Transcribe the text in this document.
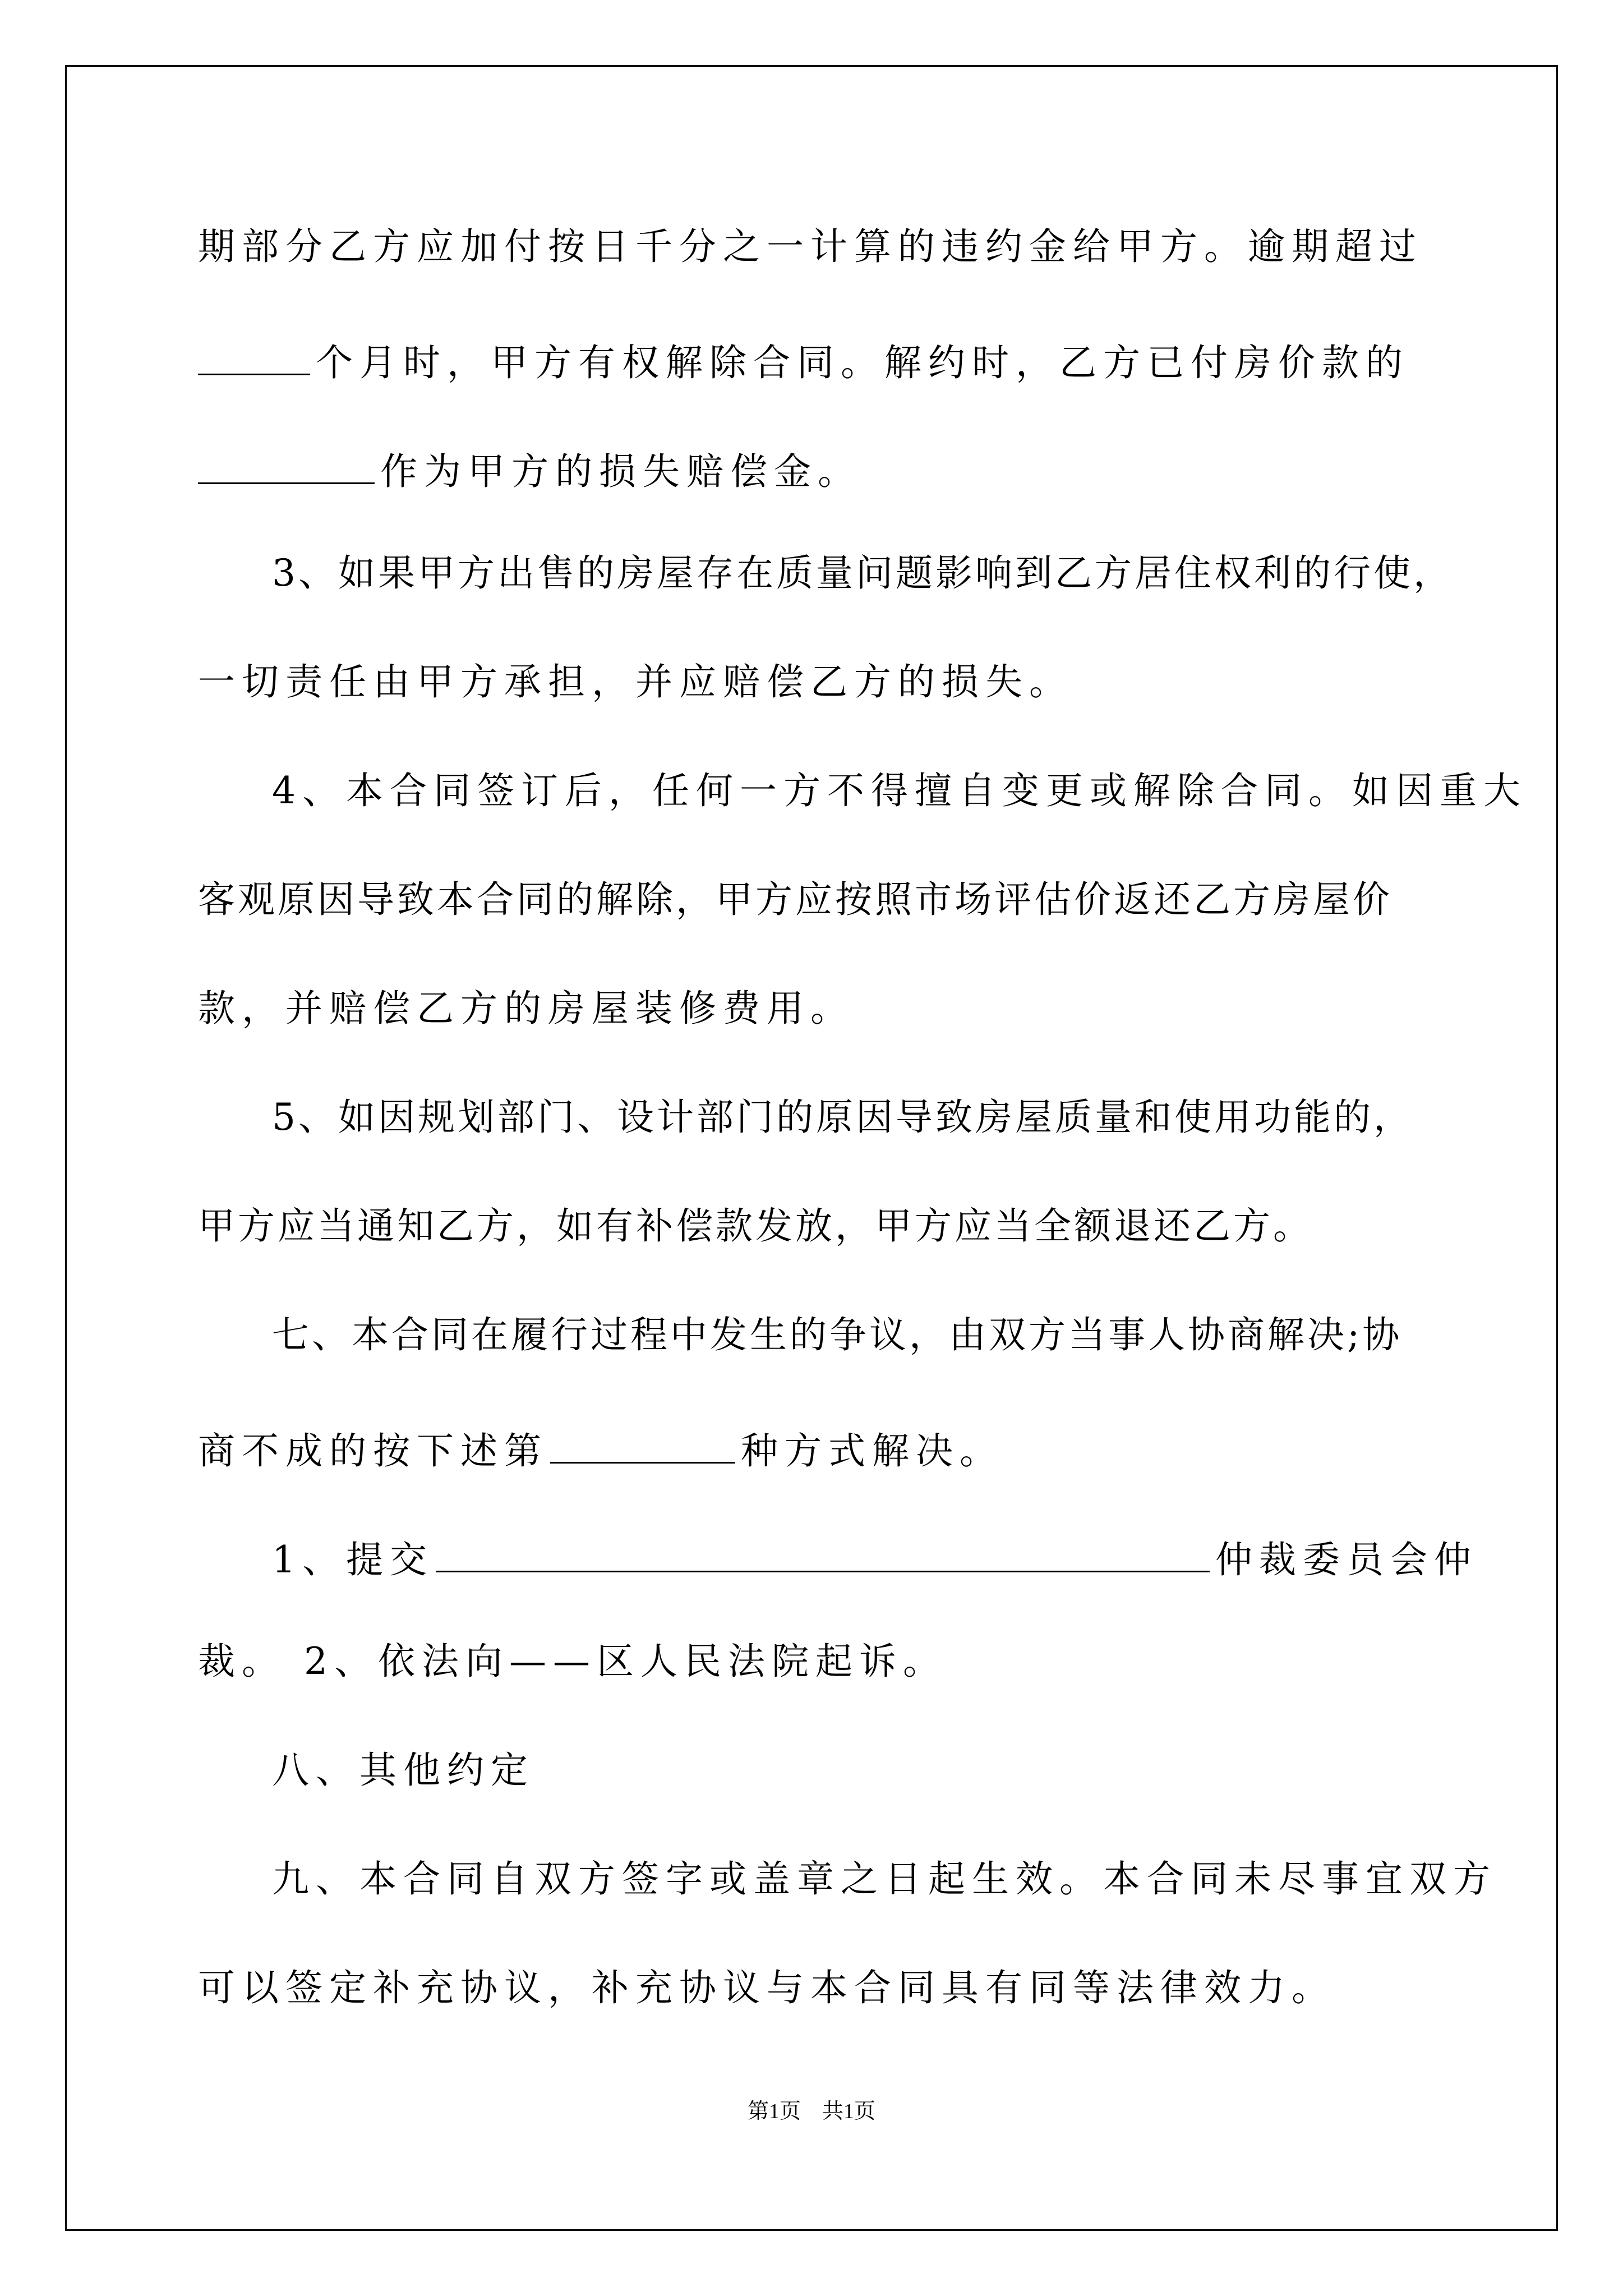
期部分乙方应加付按日千分之一计算的违约金给甲方。逾期超过
个月时，甲方有权解除合同。解约时，乙方已付房价款的
作为甲方的损失赔偿金。
3、如果甲方出售的房屋存在质量问题影响到乙方居住权利的行使，
一切责任由甲方承担，并应赔偿乙方的损失。
4、本合同签订后，任何一方不得擅自变更或解除合同。如因重大
客观原因导致本合同的解除，甲方应按照市场评估价返还乙方房屋价
款，并赔偿乙方的房屋装修费用。
5、如因规划部门、设计部门的原因导致房屋质量和使用功能的，
甲方应当通知乙方，如有补偿款发放，甲方应当全额退还乙方。
七、本合同在履行过程中发生的争议，由双方当事人协商解决;协
商不成的按下述第	种方式解决。
1、提交	仲裁委员会仲
裁。 2、依法向——区人民法院起诉。
八、其他约定
九、本合同自双方签字或盖章之日起生效。本合同未尽事宜双方
可以签定补充协议，补充协议与本合同具有同等法律效力。
第1页　共1页
